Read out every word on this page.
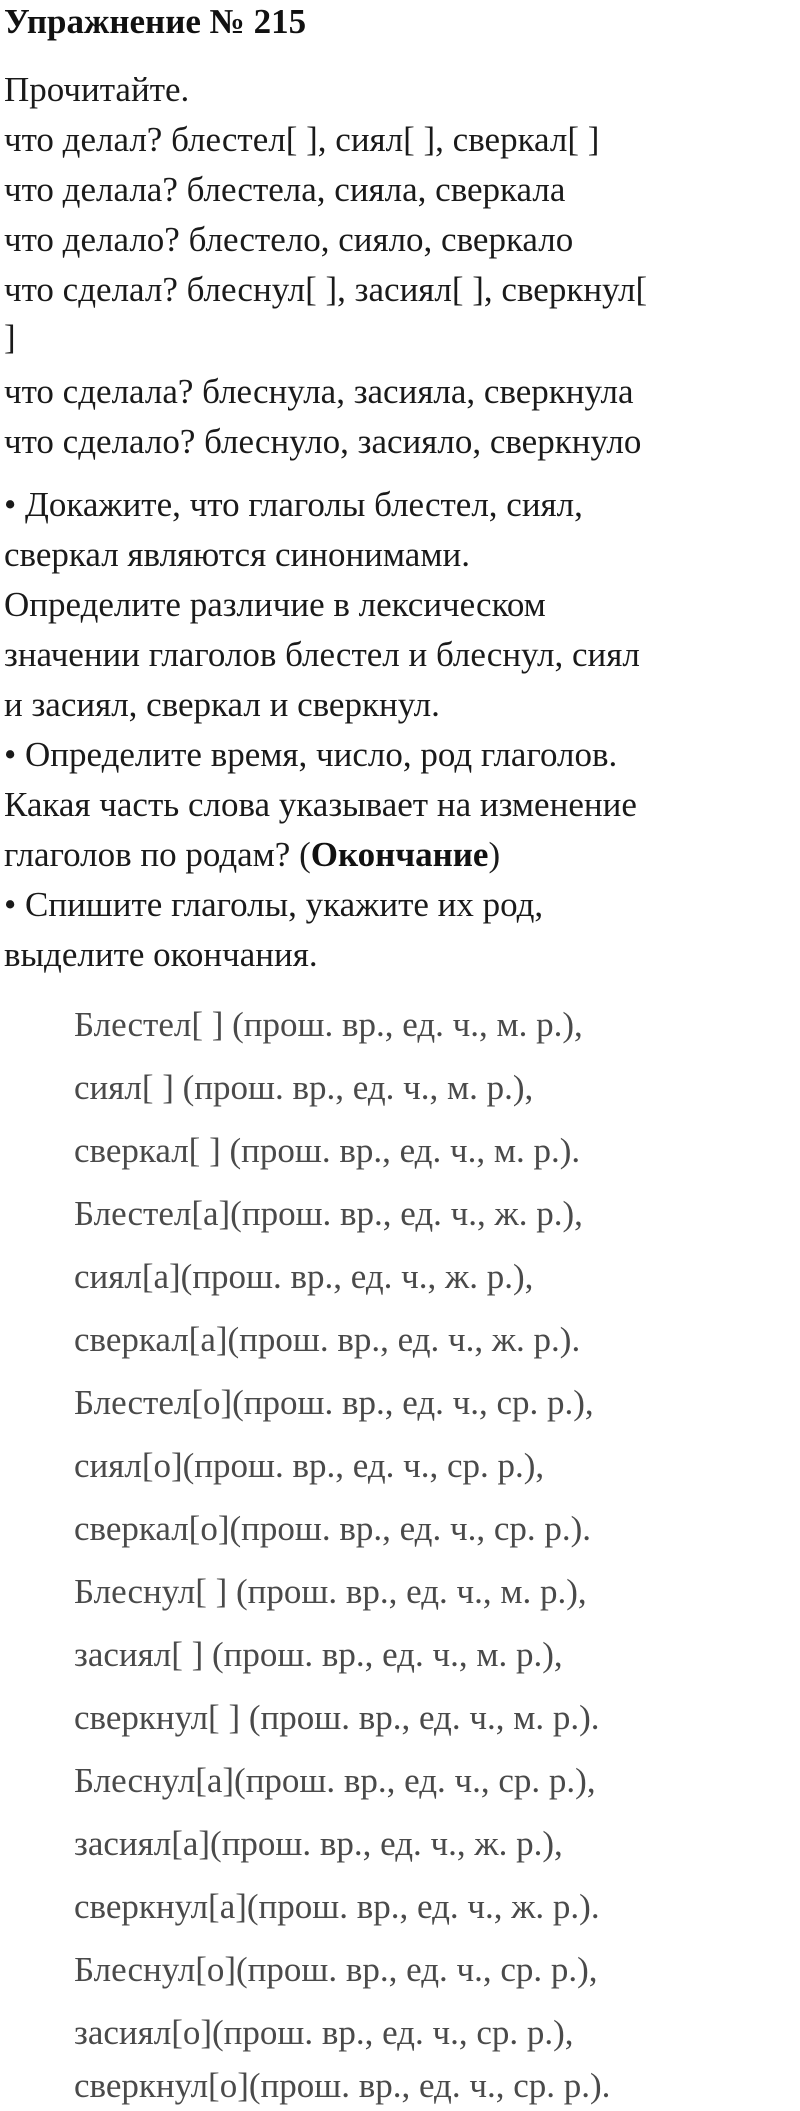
Упражнение № 215

Прочитайте.

что делал? блестел[ ], сиял[ ], сверкал[ ]

что делала? блестела, сияла, сверкала

что делало? блестело, сияло, сверкало

что сделал? блеснул[ ], засиял[ ], сверкнул[

]

что сделала? блеснула, засияла, сверкнула

что сделало? блеснуло, засияло, сверкнуло

• Докажите, что глаголы блестел, сиял,

сверкал являются синонимами.

Определите различие в лексическом

значении глаголов блестел и блеснул, сиял

и засиял, сверкал и сверкнул.

• Определите время, число, род глаголов.

Какая часть слова указывает на изменение

глаголов по родам? (Окончание)

• Спишите глаголы, укажите их род,

выделите окончания.

Блестел[ ] (прош. вр., ед. ч., м. р.),

сиял[ ] (прош. вр., ед. ч., м. р.),

сверкал[ ] (прош. вр., ед. ч., м. р.).

Блестел[а](прош. вр., ед. ч., ж. р.),

сиял[а](прош. вр., ед. ч., ж. р.),

сверкал[а](прош. вр., ед. ч., ж. р.).

Блестел[о](прош. вр., ед. ч., ср. р.),

сиял[о](прош. вр., ед. ч., ср. р.),

сверкал[о](прош. вр., ед. ч., ср. р.).

Блеснул[ ] (прош. вр., ед. ч., м. р.),

засиял[ ] (прош. вр., ед. ч., м. р.),

сверкнул[ ] (прош. вр., ед. ч., м. р.).

Блеснул[а](прош. вр., ед. ч., ср. р.),

засиял[а](прош. вр., ед. ч., ж. р.),

сверкнул[а](прош. вр., ед. ч., ж. р.).

Блеснул[о](прош. вр., ед. ч., ср. р.),

засиял[о](прош. вр., ед. ч., ср. р.),

сверкнул[о](прош. вр., ед. ч., ср. р.).
